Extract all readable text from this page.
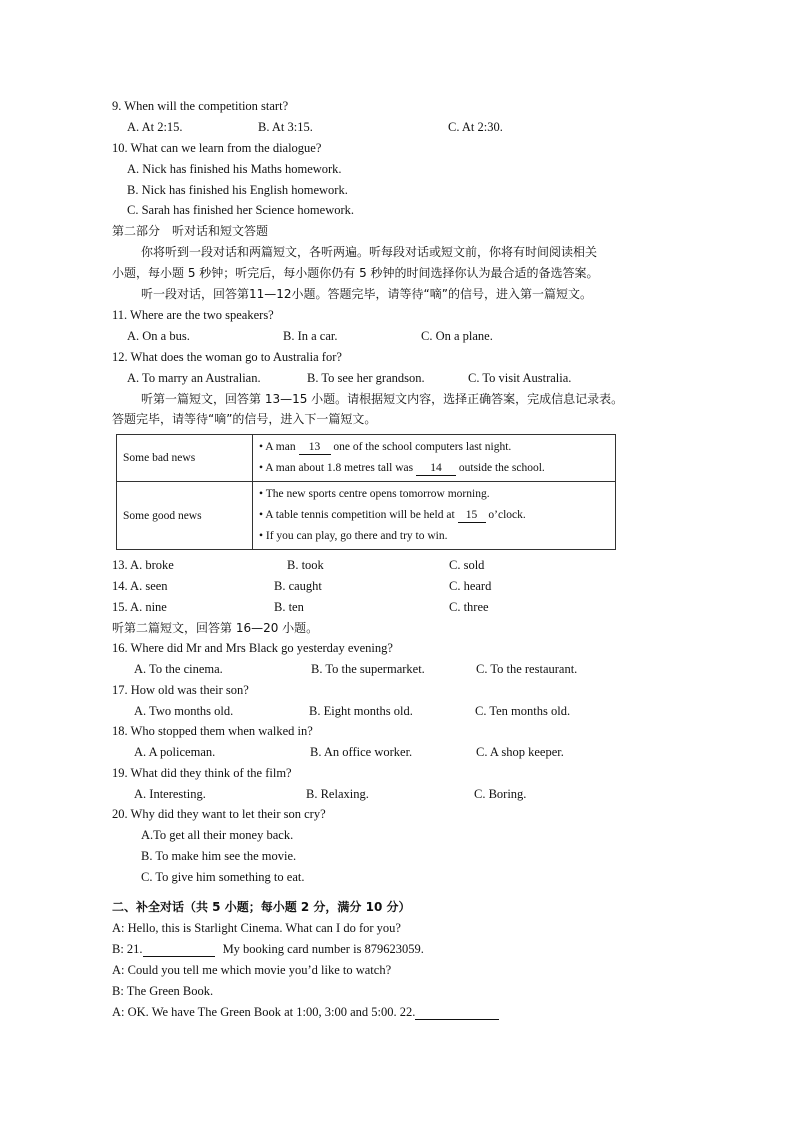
9. When will the competition start?
A. At 2:15.	B. At 3:15.	C. At 2:30.
10. What can we learn from the dialogue?
A. Nick has finished his Maths homework.
B. Nick has finished his English homework.
C. Sarah has finished her Science homework.
第二部分　听对话和短文答题
你将听到一段对话和两篇短文，各听两遍。听每段对话或短文前，你将有时间阅读相关
小题，每小题 5 秒钟；听完后，每小题你仍有 5 秒钟的时间选择你认为最合适的备选答案。
听一段对话，回答第11—12小题。答题完毕，请等待“嘀”的信号，进入第一篇短文。
11. Where are the two speakers?
A. On a bus.	B. In a car.	C. On a plane.
12. What does the woman go to Australia for?
A. To marry an Australian.	B. To see her grandson.	C. To visit Australia.
听第一篇短文，回答第 13—15 小题。请根据短文内容，选择正确答案，完成信息记录表。
答题完毕，请等待“嘀”的信号，进入下一篇短文。
Some bad news	• A man 13 one of the school computers last night.
• A man about 1.8 metres tall was 14 outside the school.

Some good news	• The new sports centre opens tomorrow morning.
• A table tennis competition will be held at 15 o’clock.
• If you can play, go there and try to win.
13. A. broke	B. took	C. sold
14. A. seen	B. caught	C. heard
15. A. nine	B. ten	C. three
听第二篇短文，回答第 16—20 小题。
16. Where did Mr and Mrs Black go yesterday evening?
A. To the cinema.	B. To the supermarket.	C. To the restaurant.
17. How old was their son?
A. Two months old.	B. Eight months old.	C. Ten months old.
18. Who stopped them when walked in?
A. A policeman.	B. An office worker.	C. A shop keeper.
19. What did they think of the film?
A. Interesting.	B. Relaxing.	C. Boring.
20. Why did they want to let their son cry?
A.To get all their money back.
B. To make him see the movie.
C. To give him something to eat.
二、补全对话（共 5 小题；每小题 2 分，满分 10 分）
A: Hello, this is Starlight Cinema. What can I do for you?
B: 21.	My booking card number is 879623059.
A: Could you tell me which movie you’d like to watch?
B: The Green Book.
A: OK. We have The Green Book at 1:00, 3:00 and 5:00. 22.
